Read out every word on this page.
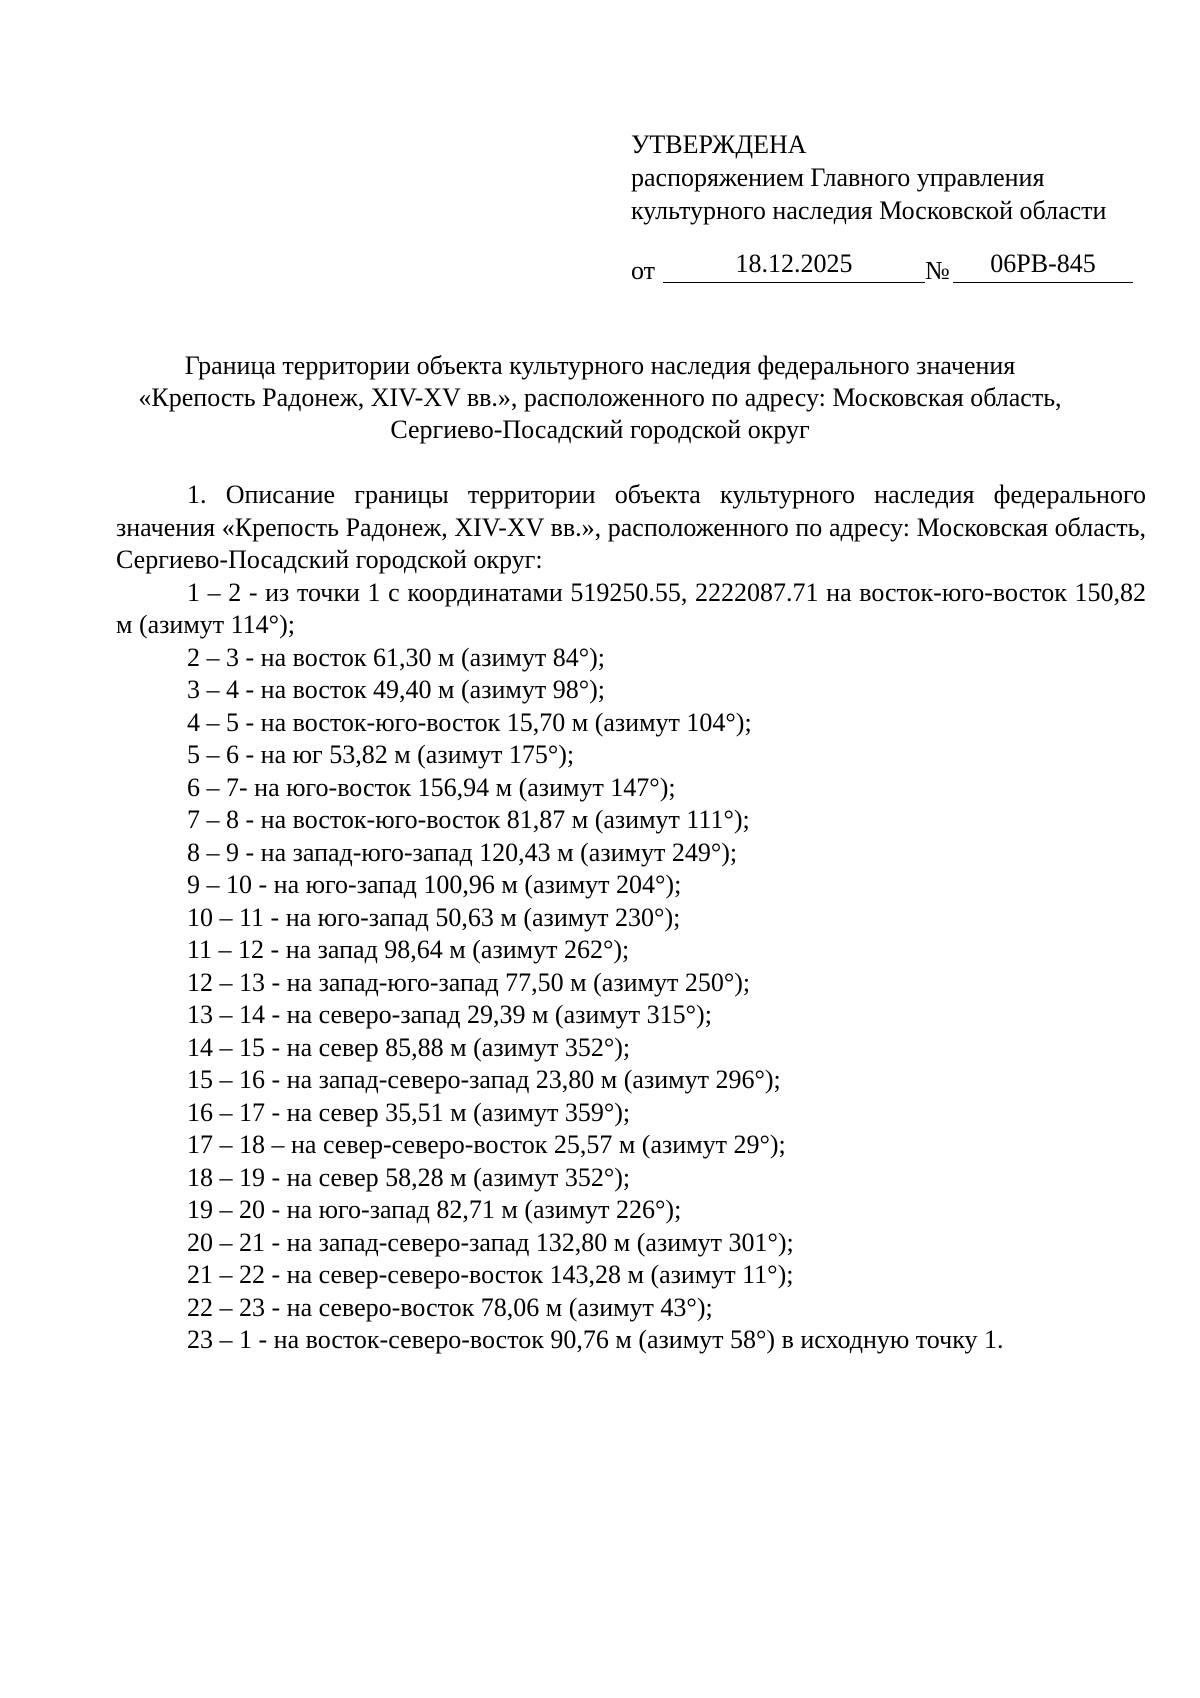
УТВЕРЖДЕНА
распоряжением Главного управления
культурного наследия Московской области
от	18.12.2025	№	06РВ-845
Граница территории объекта культурного наследия федерального значения
«Крепость Радонеж, XIV-XV вв.», расположенного по адресу: Московская область,
Сергиево-Посадский городской округ

1. Описание границы территории объекта культурного наследия федерального значения «Крепость Радонеж, XIV-XV вв.», расположенного по адресу: Московская область, Сергиево-Посадский городской округ:

1 – 2 - из точки 1 с координатами 519250.55, 2222087.71 на восток-юго-восток 150,82 м (азимут 114°);

2 – 3 - на восток 61,30 м (азимут 84°);

3 – 4 - на восток 49,40 м (азимут 98°);

4 – 5 - на восток-юго-восток 15,70 м (азимут 104°);

5 – 6 - на юг 53,82 м (азимут 175°);

6 – 7- на юго-восток 156,94 м (азимут 147°);

7 – 8 - на восток-юго-восток 81,87 м (азимут 111°);

8 – 9 - на запад-юго-запад 120,43 м (азимут 249°);

9 – 10 - на юго-запад 100,96 м (азимут 204°);

10 – 11 - на юго-запад 50,63 м (азимут 230°);

11 – 12 - на запад 98,64 м (азимут 262°);

12 – 13 - на запад-юго-запад 77,50 м (азимут 250°);

13 – 14 - на северо-запад 29,39 м (азимут 315°);

14 – 15 - на север 85,88 м (азимут 352°);

15 – 16 - на запад-северо-запад 23,80 м (азимут 296°);

16 – 17 - на север 35,51 м (азимут 359°);

17 – 18 – на север-северо-восток 25,57 м (азимут 29°);

18 – 19 - на север 58,28 м (азимут 352°);

19 – 20 - на юго-запад 82,71 м (азимут 226°);

20 – 21 - на запад-северо-запад 132,80 м (азимут 301°);

21 – 22 - на север-северо-восток 143,28 м (азимут 11°);

22 – 23 - на северо-восток 78,06 м (азимут 43°);

23 – 1 - на восток-северо-восток 90,76 м (азимут 58°) в исходную точку 1.
